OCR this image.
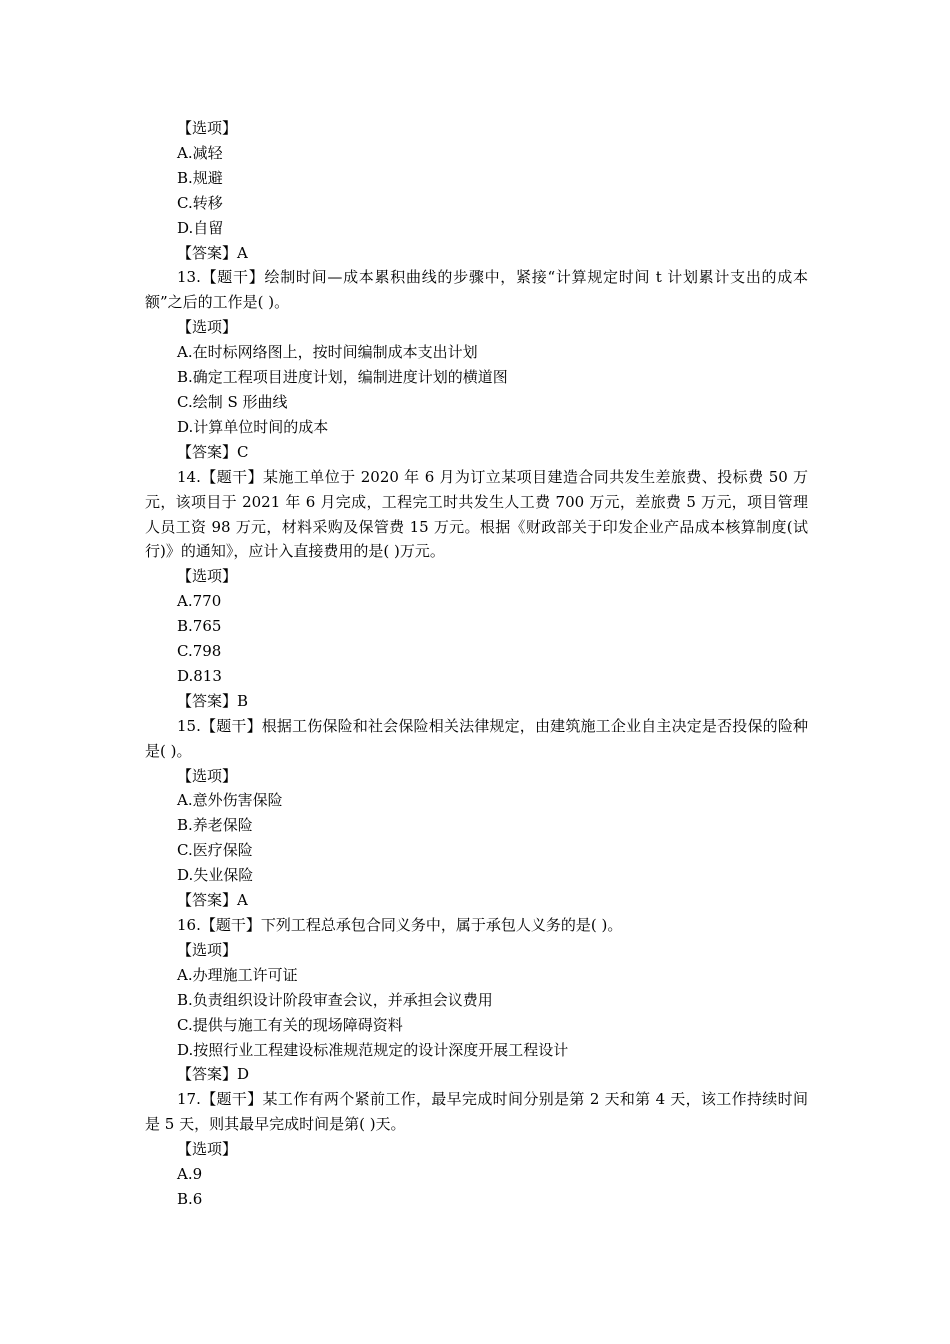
【选项】
A.减轻
B.规避
C.转移
D.自留
【答案】A
13.【题干】绘制时间—成本累积曲线的步骤中，紧接“计算规定时间 t 计划累计支出的成本额”之后的工作是( )。
【选项】
A.在时标网络图上，按时间编制成本支出计划
B.确定工程项目进度计划，编制进度计划的横道图
C.绘制 S 形曲线
D.计算单位时间的成本
【答案】C
14.【题干】某施工单位于 2020 年 6 月为订立某项目建造合同共发生差旅费、投标费 50 万元，该项目于 2021 年 6 月完成，工程完工时共发生人工费 700 万元，差旅费 5 万元，项目管理人员工资 98 万元，材料采购及保管费 15 万元。根据《财政部关于印发企业产品成本核算制度(试行)》的通知》，应计入直接费用的是( )万元。
【选项】
A.770
B.765
C.798
D.813
【答案】B
15.【题干】根据工伤保险和社会保险相关法律规定，由建筑施工企业自主决定是否投保的险种是( )。
【选项】
A.意外伤害保险
B.养老保险
C.医疗保险
D.失业保险
【答案】A
16.【题干】下列工程总承包合同义务中，属于承包人义务的是( )。
【选项】
A.办理施工许可证
B.负责组织设计阶段审查会议，并承担会议费用
C.提供与施工有关的现场障碍资料
D.按照行业工程建设标准规范规定的设计深度开展工程设计
【答案】D
17.【题干】某工作有两个紧前工作，最早完成时间分别是第 2 天和第 4 天，该工作持续时间是 5 天，则其最早完成时间是第( )天。
【选项】
A.9
B.6
